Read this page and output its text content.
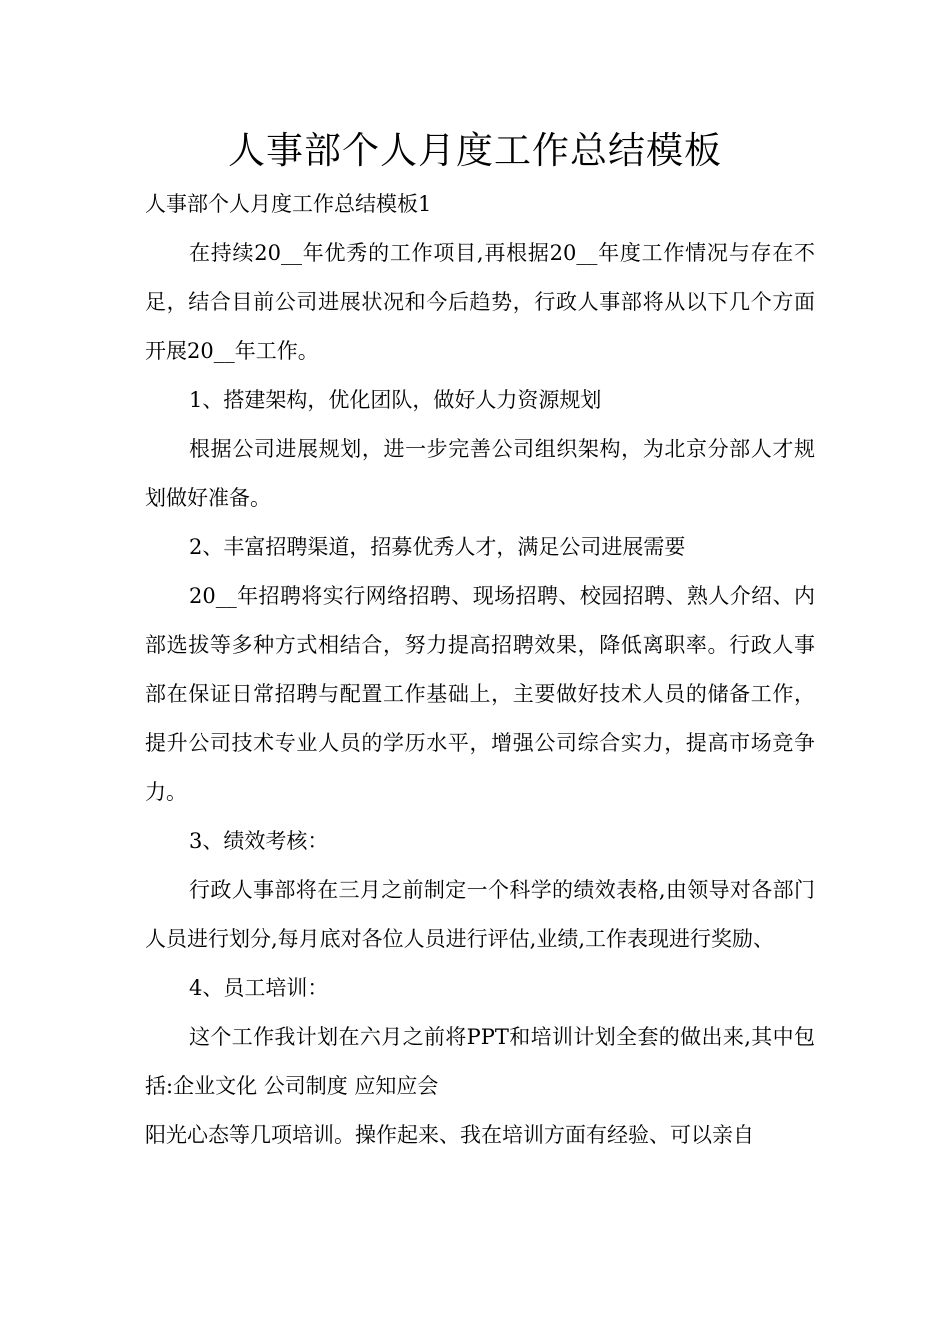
人事部个人月度工作总结模板

人事部个人月度工作总结模板1

在持续20__年优秀的工作项目,再根据20__年度工作情况与存在不足，结合目前公司进展状况和今后趋势，行政人事部将从以下几个方面开展20__年工作。

1、搭建架构，优化团队，做好人力资源规划

根据公司进展规划，进一步完善公司组织架构，为北京分部人才规划做好准备。

2、丰富招聘渠道，招募优秀人才，满足公司进展需要

20__年招聘将实行网络招聘、现场招聘、校园招聘、熟人介绍、内部选拔等多种方式相结合，努力提高招聘效果，降低离职率。行政人事部在保证日常招聘与配置工作基础上，主要做好技术人员的储备工作，提升公司技术专业人员的学历水平，增强公司综合实力，提高市场竞争力。

3、绩效考核：

行政人事部将在三月之前制定一个科学的绩效表格,由领导对各部门人员进行划分,每月底对各位人员进行评估,业绩,工作表现进行奖励、

4、员工培训：

这个工作我计划在六月之前将PPT和培训计划全套的做出来,其中包括:企业文化 公司制度 应知应会

阳光心态等几项培训。操作起来、我在培训方面有经验、可以亲自
